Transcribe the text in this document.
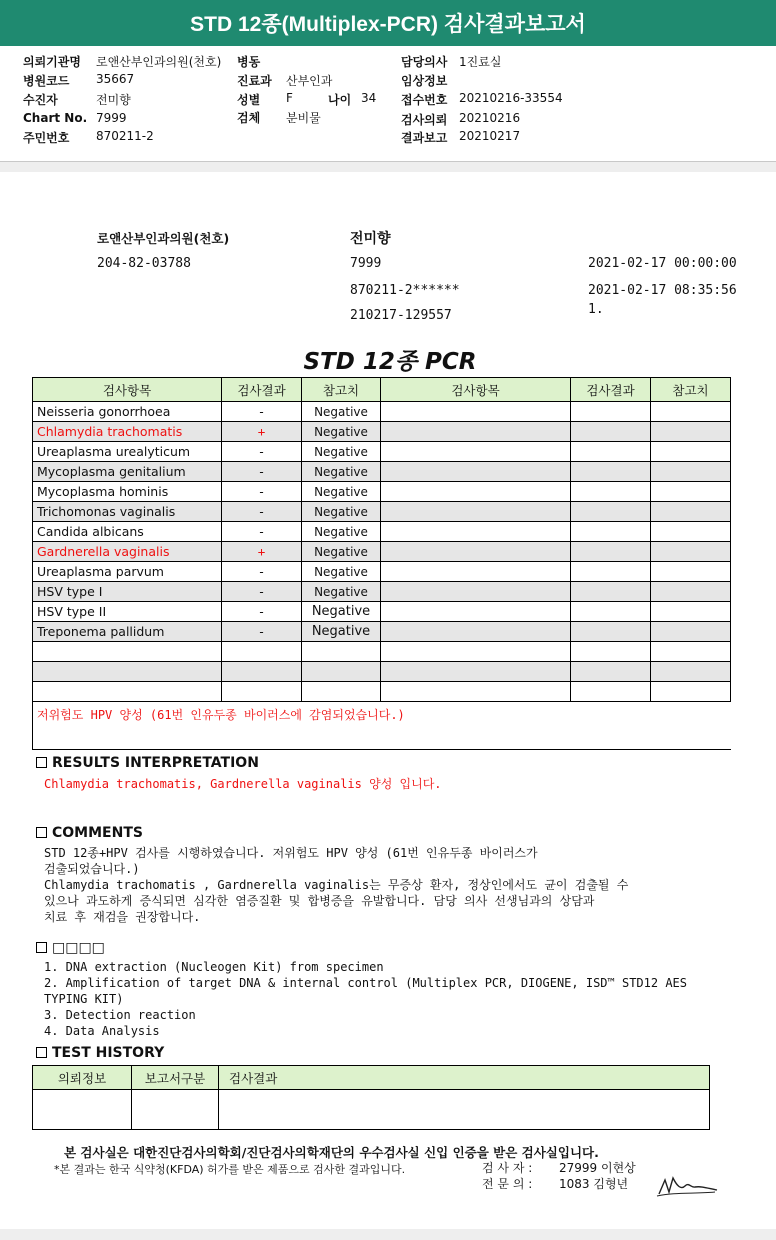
STD 12종(Multiplex-PCR) 검사결과보고서
의뢰기관명 로앤산부인과의원(천호)
병원코드 35667
수진자	전미향
Chart No. 7999
주민번호 870211-2
병동
진료과 산부인과
성별 F	나이 34
검체 분비물
담당의사 1진료실
임상정보
접수번호 20210216-33554
검사의뢰 20210216
결과보고 20210217
로앤산부인과의원(천호)
204-82-03788
전미향
7999
870211-2******
210217-129557
2021-02-17 00:00:00
2021-02-17 08:35:56
1.
STD 12종 PCR
검사항목	검사결과	참고치	검사항목	검사결과	참고치
Neisseria gonorrhoea	-	Negative			
Chlamydia trachomatis	+	Negative			
Ureaplasma urealyticum	-	Negative			
Mycoplasma genitalium	-	Negative			
Mycoplasma hominis	-	Negative			
Trichomonas vaginalis	-	Negative			
Candida albicans	-	Negative			
Gardnerella vaginalis	+	Negative			
Ureaplasma parvum	-	Negative			
HSV type I	-	Negative			
HSV type II	-	Negative			
Treponema pallidum	-	Negative			

저위험도 HPV 양성 (61번 인유두종 바이러스에 감염되었습니다.)					
RESULTS INTERPRETATION
Chlamydia trachomatis, Gardnerella vaginalis 양성 입니다.
COMMENTS
STD 12종+HPV 검사를 시행하였습니다. 저위험도 HPV 양성 (61번 인유두종 바이러스가
검출되었습니다.)
Chlamydia trachomatis , Gardnerella vaginalis는 무증상 환자, 정상인에서도 균이 검출될 수
있으나 과도하게 증식되면 심각한 염증질환 및 합병증을 유발합니다. 담당 의사 선생님과의 상담과
치료 후 재검을 권장합니다.
□□□□
1. DNA extraction (Nucleogen Kit) from specimen
2. Amplification of target DNA & internal control (Multiplex PCR, DIOGENE, ISD™ STD12 AES
TYPING KIT)
3. Detection reaction
4. Data Analysis
TEST HISTORY
의뢰정보	보고서구분	검사결과

본 검사실은 대한진단검사의학회/진단검사의학재단의 우수검사실 신입 인증을 받은 검사실입니다.
*본 결과는 한국 식약청(KFDA) 허가를 받은 제품으로 검사한 결과입니다.	검 사 자 : 27999 이현상
전 문 의 : 1083 김형년
